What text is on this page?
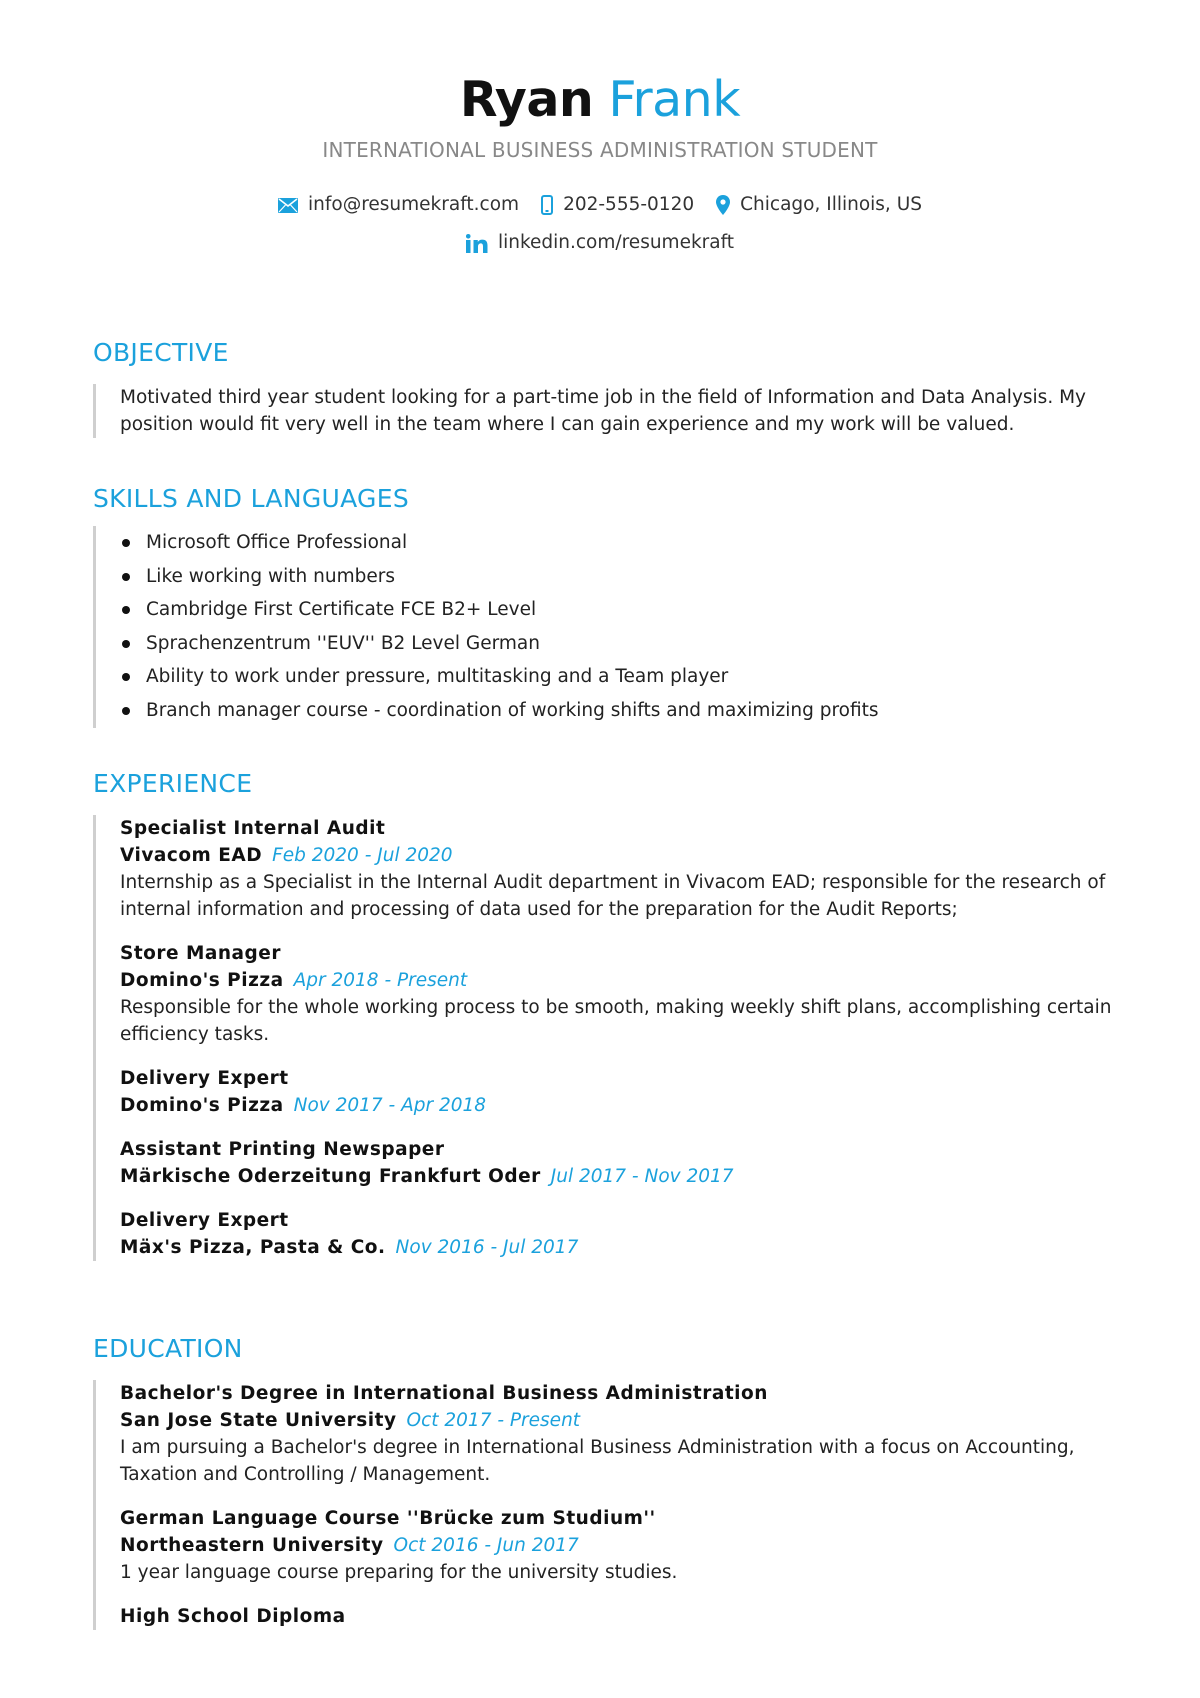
Ryan Frank
INTERNATIONAL BUSINESS ADMINISTRATION STUDENT
info@resumekraft.com 202-555-0120 Chicago, Illinois, US
linkedin.com/resumekraft
OBJECTIVE

Motivated third year student looking for a part-time job in the field of Information and Data Analysis. My position would fit very well in the team where I can gain experience and my work will be valued.

SKILLS AND LANGUAGES
Microsoft Office Professional
Like working with numbers
Cambridge First Certificate FCE B2+ Level
Sprachenzentrum ''EUV'' B2 Level German
Ability to work under pressure, multitasking and a Team player
Branch manager course - coordination of working shifts and maximizing profits
EXPERIENCE
Specialist Internal Audit
Vivacom EAD Feb 2020 - Jul 2020
Internship as a Specialist in the Internal Audit department in Vivacom EAD; responsible for the research of internal information and processing of data used for the preparation for the Audit Reports;
Store Manager
Domino's Pizza Apr 2018 - Present
Responsible for the whole working process to be smooth, making weekly shift plans, accomplishing certain efficiency tasks.
Delivery Expert
Domino's Pizza Nov 2017 - Apr 2018
Assistant Printing Newspaper
Märkische Oderzeitung Frankfurt Oder Jul 2017 - Nov 2017
Delivery Expert
Mäx's Pizza, Pasta & Co. Nov 2016 - Jul 2017
EDUCATION
Bachelor's Degree in International Business Administration
San Jose State University Oct 2017 - Present
I am pursuing a Bachelor's degree in International Business Administration with a focus on Accounting, Taxation and Controlling / Management.
German Language Course ''Brücke zum Studium''
Northeastern University Oct 2016 - Jun 2017
1 year language course preparing for the university studies.
High School Diploma
